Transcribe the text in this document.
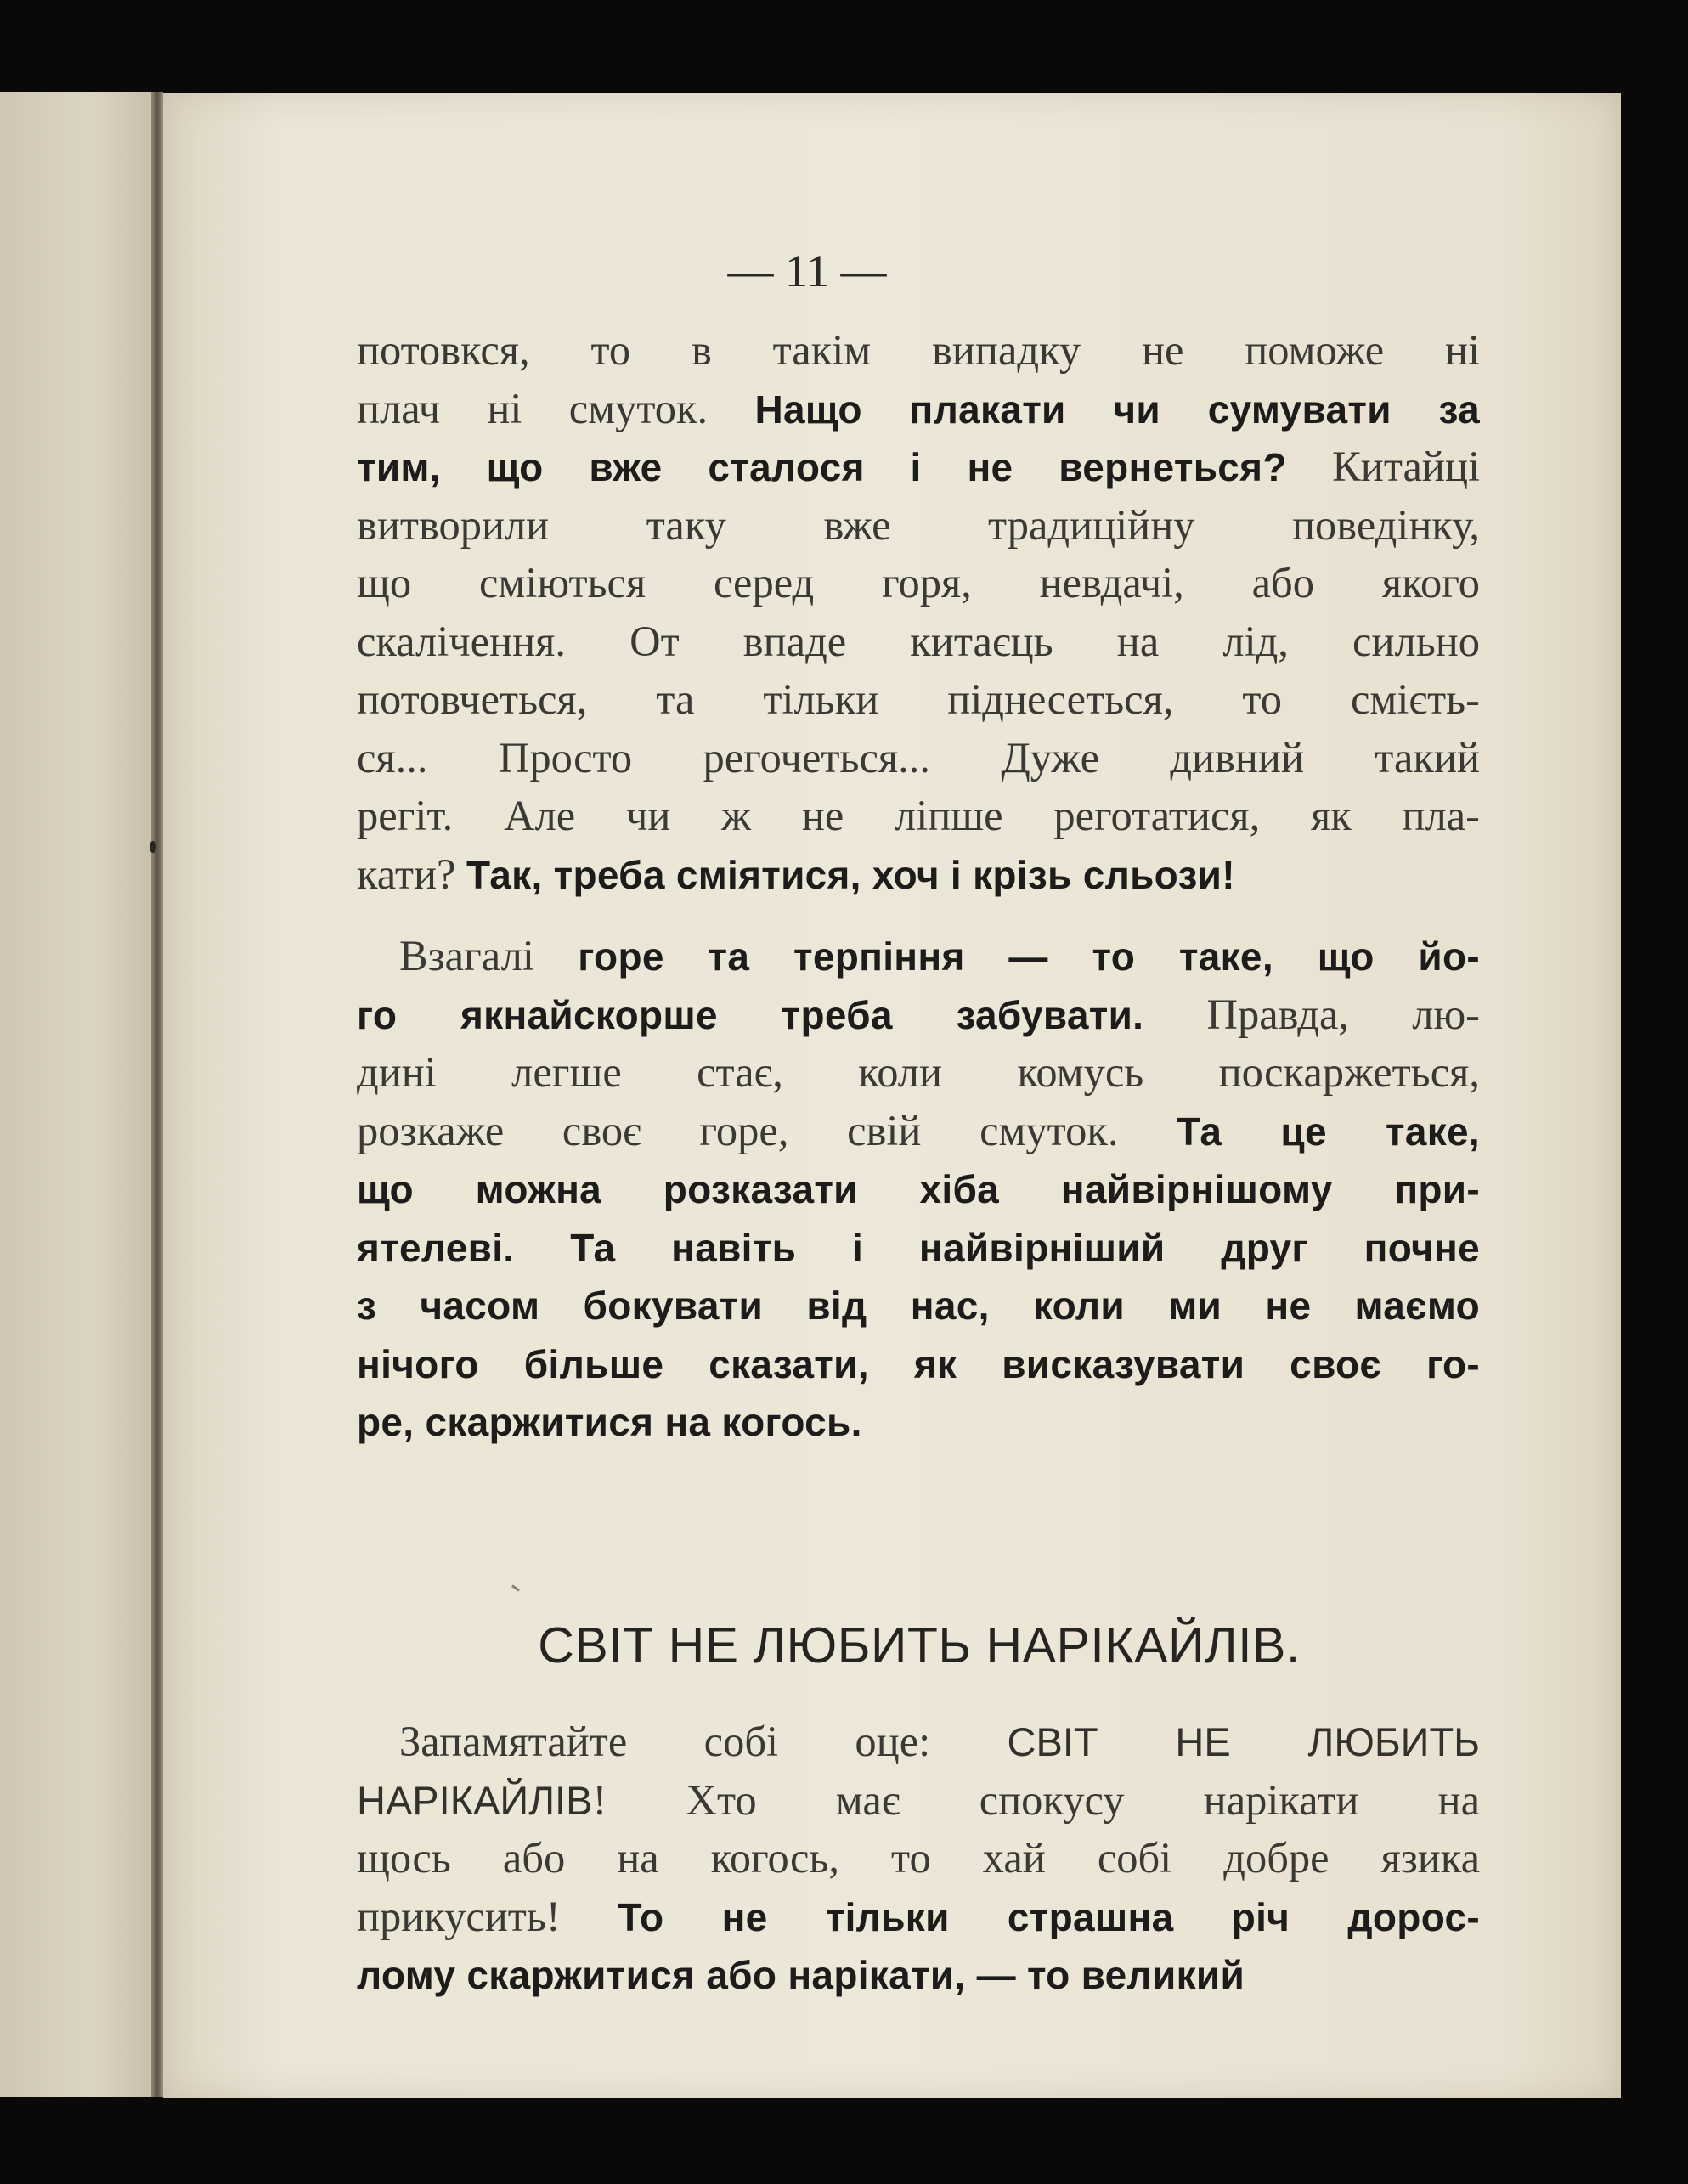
— 11 —
потовкся, то в такім випадку не поможе ні
плач ні смуток. Нащо плакати чи сумувати за
тим, що вже сталося і не вернеться? Китайці
витворили таку вже традиційну поведінку,
що сміються серед горя, невдачі, або якого
скалічення. От впаде китаєць на лід, сильно
потовчеться, та тільки піднесеться, то смієть-
ся... Просто регочеться... Дуже дивний такий
регіт. Але чи ж не ліпше реготатися, як пла-
кати? Так, треба сміятися, хоч і крізь сльози!
Взагалі горе та терпіння — то таке, що йо-
го якнайскорше треба забувати. Правда, лю-
дині легше стає, коли комусь поскаржеться,
розкаже своє горе, свій смуток. Та це таке,
що можна розказати хіба найвірнішому при-
ятелеві. Та навіть і найвірніший друг почне
з часом бокувати від нас, коли ми не маємо
нічого більше сказати, як висказувати своє го-
ре, скаржитися на когось.
СВІТ НЕ ЛЮБИТЬ НАРІКАЙЛІВ.
Запамятайте собі оце: СВІТ НЕ ЛЮБИТЬ
НАРІКАЙЛІВ! Хто має спокусу нарікати на
щось або на когось, то хай собі добре язика
прикусить! То не тільки страшна річ дорос-
лому скаржитися або нарікати, — то великий
